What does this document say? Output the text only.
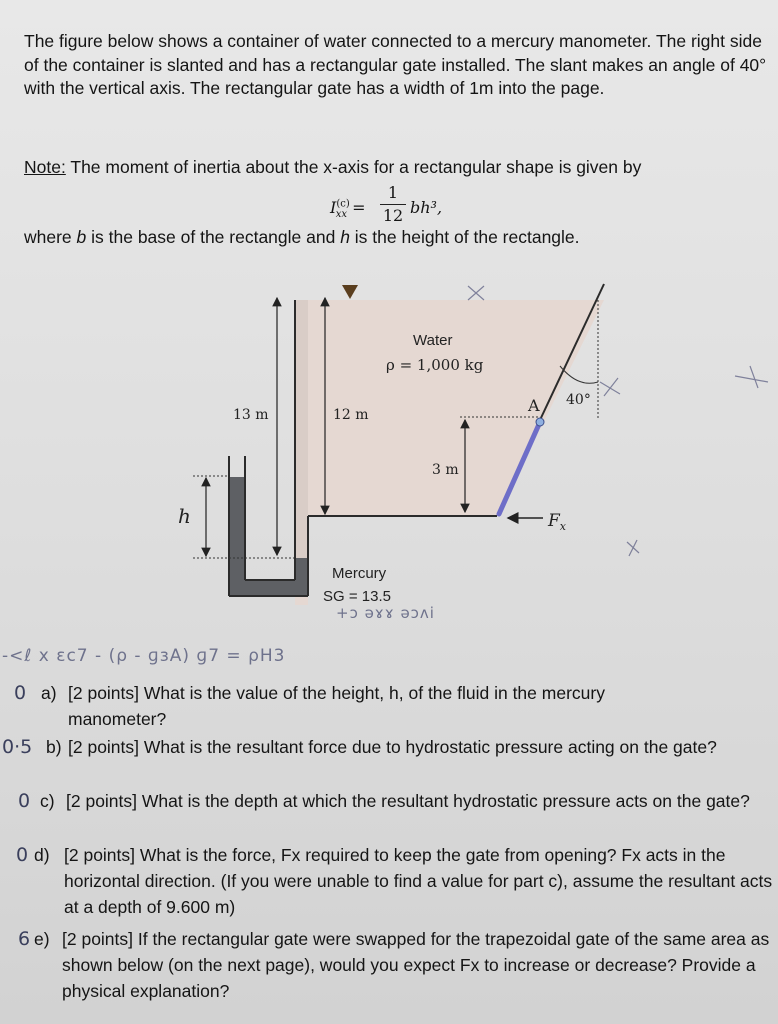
The figure below shows a container of water connected to a mercury manometer. The right side of the container is slanted and has a rectangular gate installed. The slant makes an angle of 40° with the vertical axis. The rectangular gate has a width of 1m into the page.
Note: The moment of inertia about the x-axis for a rectangular shape is given by
$I^{(c)}_{xx}$ =
1
12 bh³,
where b is the base of the rectangle and h is the height of the rectangle.
13 m	12 m
3 m
h
Water
ρ = 1,000 kg
A 40°
$F_x$
Mercury
SG = 13.5
-<ℓ x ɛc7 - (ρ - ɡɜA) ɡ7 = ρH3
+ɔ əɤɤ əɔʌi
0 a) [2 points] What is the value of the height, h, of the fluid in the mercury manometer?
0·5 b) [2 points] What is the resultant force due to hydrostatic pressure acting on the gate?
0 c) [2 points] What is the depth at which the resultant hydrostatic pressure acts on the gate?
0 d) [2 points] What is the force, Fx required to keep the gate from opening? Fx acts in the horizontal direction. (If you were unable to find a value for part c), assume the resultant acts at a depth of 9.600 m)
6 e) [2 points] If the rectangular gate were swapped for the trapezoidal gate of the same area as shown below (on the next page), would you expect Fx to increase or decrease? Provide a physical explanation?
